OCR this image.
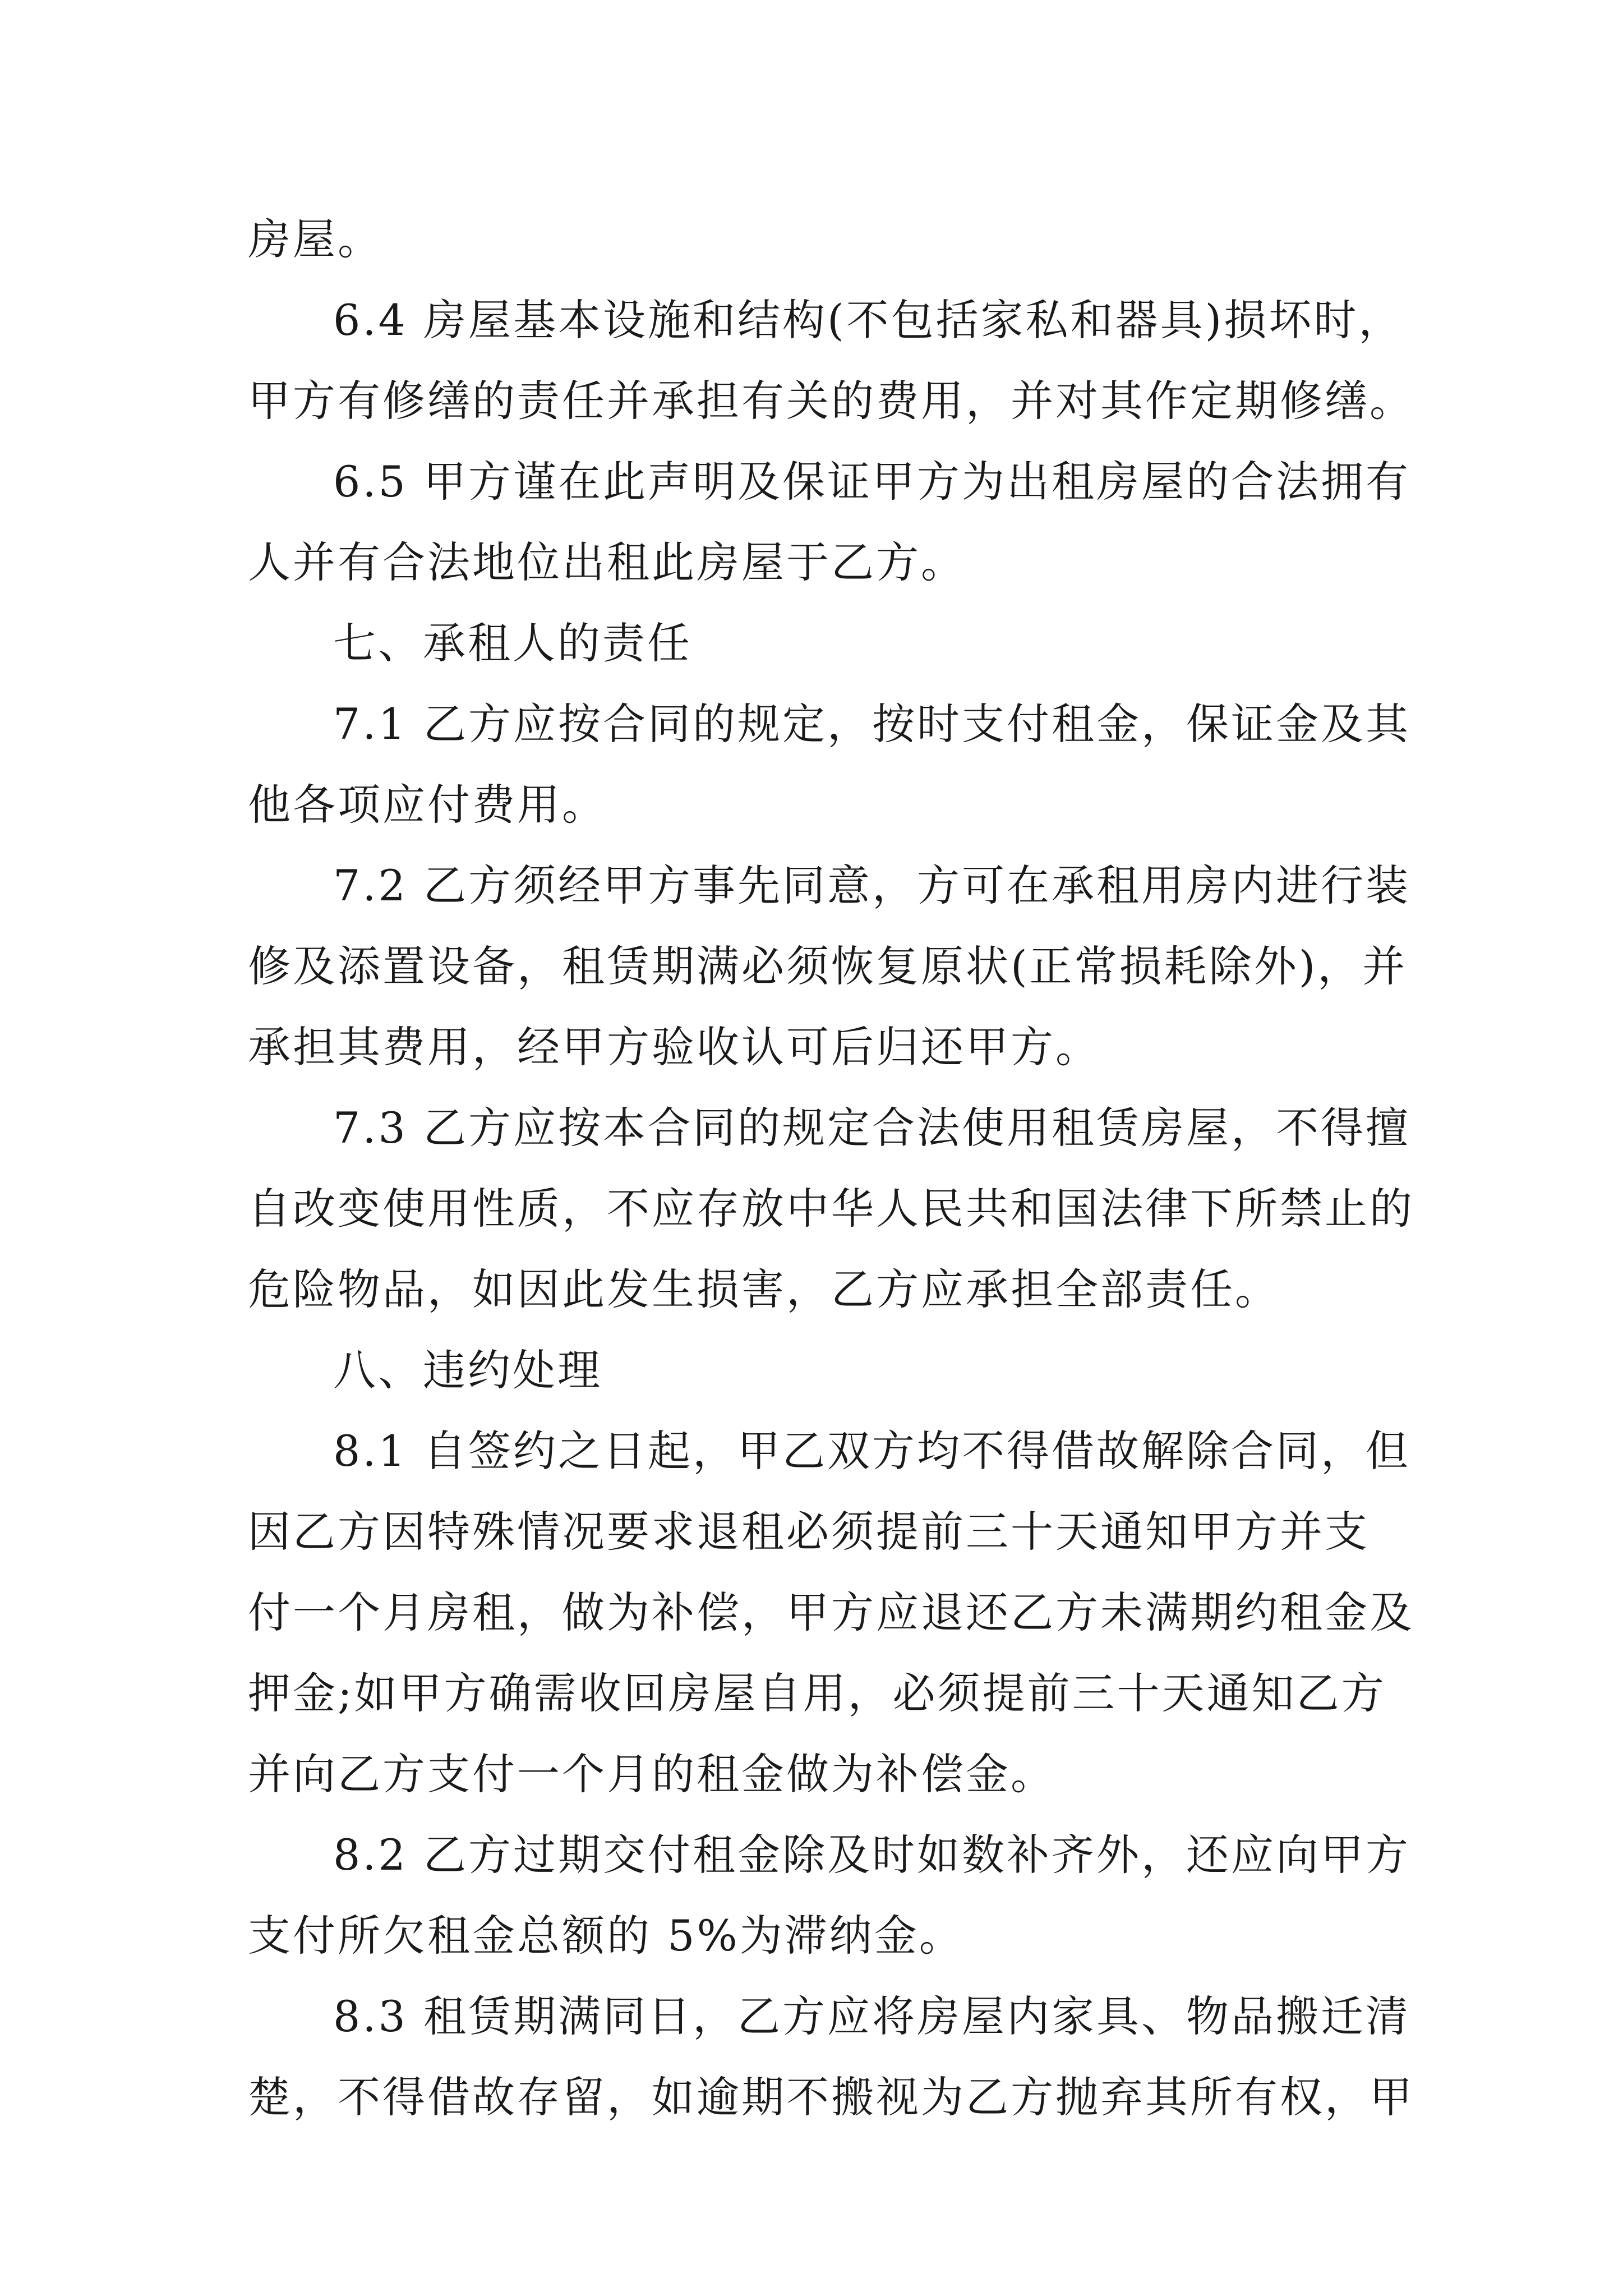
房屋。
6.4 房屋基本设施和结构(不包括家私和器具)损坏时，
甲方有修缮的责任并承担有关的费用，并对其作定期修缮。
6.5 甲方谨在此声明及保证甲方为出租房屋的合法拥有
人并有合法地位出租此房屋于乙方。
七、承租人的责任
7.1 乙方应按合同的规定，按时支付租金，保证金及其
他各项应付费用。
7.2 乙方须经甲方事先同意，方可在承租用房内进行装
修及添置设备，租赁期满必须恢复原状(正常损耗除外)，并
承担其费用，经甲方验收认可后归还甲方。
7.3 乙方应按本合同的规定合法使用租赁房屋，不得擅
自改变使用性质，不应存放中华人民共和国法律下所禁止的
危险物品，如因此发生损害，乙方应承担全部责任。
八、违约处理
8.1 自签约之日起，甲乙双方均不得借故解除合同，但
因乙方因特殊情况要求退租必须提前三十天通知甲方并支
付一个月房租，做为补偿，甲方应退还乙方未满期约租金及
押金;如甲方确需收回房屋自用，必须提前三十天通知乙方
并向乙方支付一个月的租金做为补偿金。
8.2 乙方过期交付租金除及时如数补齐外，还应向甲方
支付所欠租金总额的 5%为滞纳金。
8.3 租赁期满同日，乙方应将房屋内家具、物品搬迁清
楚，不得借故存留，如逾期不搬视为乙方抛弃其所有权，甲
